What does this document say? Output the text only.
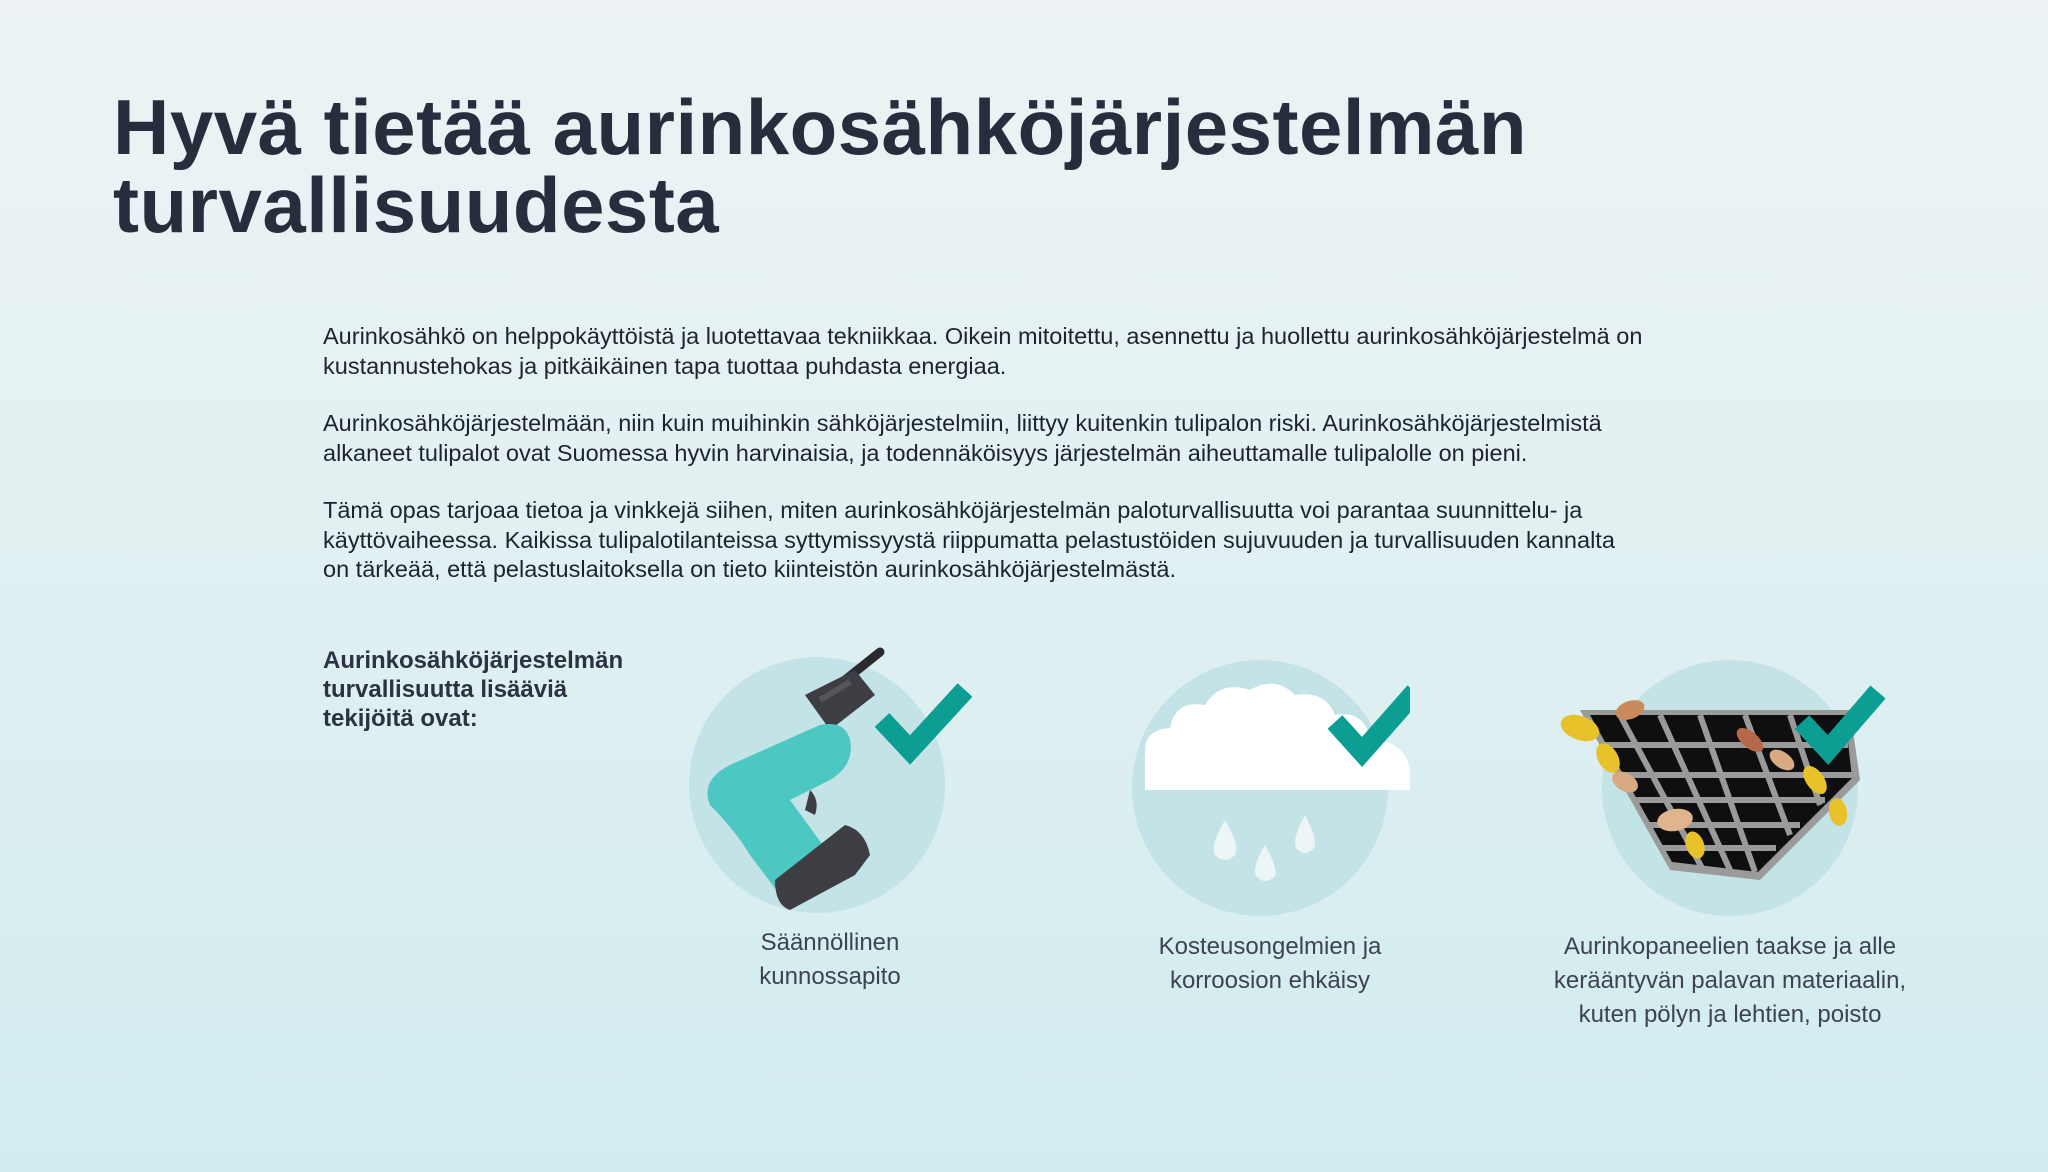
Hyvä tietää aurinkosähköjärjestelmän
turvallisuudesta

Aurinkosähkö on helppokäyttöistä ja luotettavaa tekniikkaa. Oikein mitoitettu, asennettu ja huollettu aurinkosähköjärjestelmä on
kustannustehokas ja pitkäikäinen tapa tuottaa puhdasta energiaa.

Aurinkosähköjärjestelmään, niin kuin muihinkin sähköjärjestelmiin, liittyy kuitenkin tulipalon riski. Aurinkosähköjärjestelmistä
alkaneet tulipalot ovat Suomessa hyvin harvinaisia, ja todennäköisyys järjestelmän aiheuttamalle tulipalolle on pieni.

Tämä opas tarjoaa tietoa ja vinkkejä siihen, miten aurinkosähköjärjestelmän paloturvallisuutta voi parantaa suunnittelu- ja
käyttövaiheessa. Kaikissa tulipalotilanteissa syttymissyystä riippumatta pelastustöiden sujuvuuden ja turvallisuuden kannalta
on tärkeää, että pelastuslaitoksella on tieto kiinteistön aurinkosähköjärjestelmästä.

Aurinkosähköjärjestelmän
turvallisuutta lisääviä
tekijöitä ovat:
Säännöllinen
kunnossapito
Kosteusongelmien ja
korroosion ehkäisy
Aurinkopaneelien taakse ja alle
kerääntyvän palavan materiaalin,
kuten pölyn ja lehtien, poisto
